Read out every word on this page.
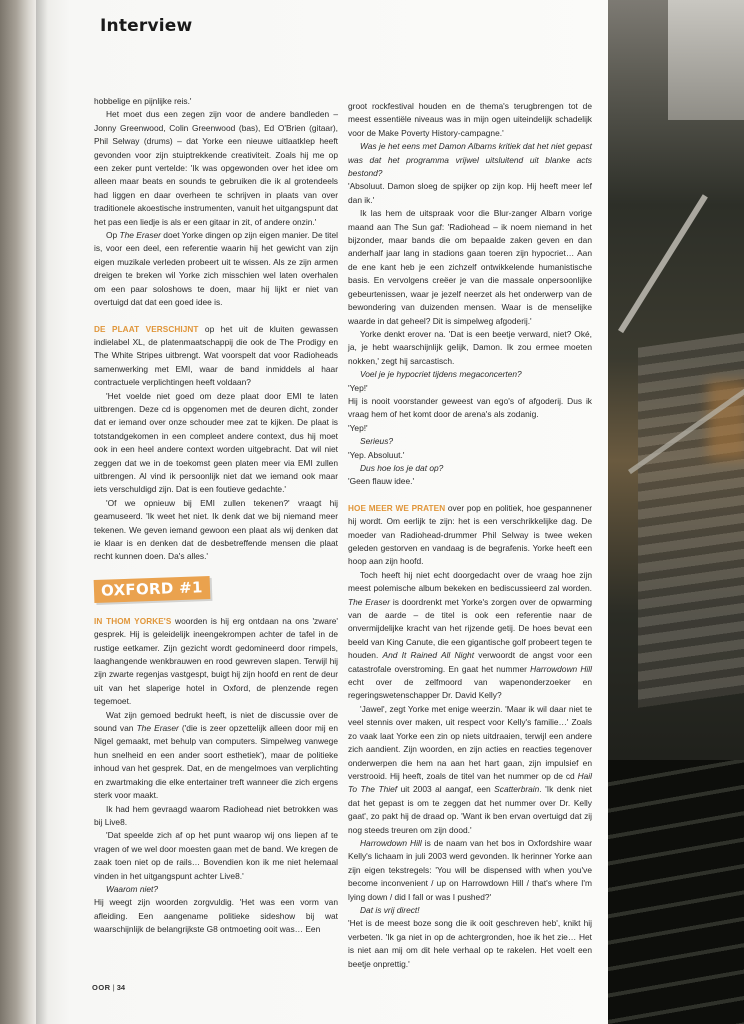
Interview

hobbelige en pijnlijke reis.'

Het moet dus een zegen zijn voor de andere bandleden – Jonny Greenwood, Colin Greenwood (bas), Ed O'Brien (gitaar), Phil Selway (drums) – dat Yorke een nieuwe uitlaatklep heeft gevonden voor zijn stuiptrekkende creativiteit. Zoals hij me op een zeker punt vertelde: 'Ik was opgewonden over het idee om alleen maar beats en sounds te gebruiken die ik al grotendeels had liggen en daar overheen te schrijven in plaats van over traditionele akoestische instrumenten, vanuit het uitgangspunt dat het pas een liedje is als er een gitaar in zit, of andere onzin.'

Op The Eraser doet Yorke dingen op zijn eigen manier. De titel is, voor een deel, een referentie waarin hij het gewicht van zijn eigen muzikale verleden probeert uit te wissen. Als ze zijn armen dreigen te breken wil Yorke zich misschien wel laten overhalen om een paar soloshows te doen, maar hij lijkt er niet van overtuigd dat dat een goed idee is.

DE PLAAT VERSCHIJNT op het uit de kluiten gewassen indielabel XL, de platenmaatschappij die ook de The Prodigy en The White Stripes uitbrengt. Wat voorspelt dat voor Radioheads samenwerking met EMI, waar de band inmiddels al haar contractuele verplichtingen heeft voldaan?

'Het voelde niet goed om deze plaat door EMI te laten uitbrengen. Deze cd is opgenomen met de deuren dicht, zonder dat er iemand over onze schouder mee zat te kijken. De plaat is totstandgekomen in een compleet andere context, dus hij moet ook in een heel andere context worden uitgebracht. Dat wil niet zeggen dat we in de toekomst geen platen meer via EMI zullen uitbrengen. Al vind ik persoonlijk niet dat we iemand ook maar iets verschuldigd zijn. Dat is een foutieve gedachte.'

'Of we opnieuw bij EMI zullen tekenen?' vraagt hij geamuseerd. 'Ik weet het niet. Ik denk dat we bij niemand meer tekenen. We geven iemand gewoon een plaat als wij denken dat ie klaar is en denken dat de desbetreffende mensen die plaat recht kunnen doen. Da's alles.'

OXFORD #1

IN THOM YORKE'S woorden is hij erg ontdaan na ons 'zware' gesprek. Hij is geleidelijk ineengekrompen achter de tafel in de rustige eetkamer. Zijn gezicht wordt gedomineerd door rimpels, laaghangende wenkbrauwen en rood gewreven slapen. Terwijl hij zijn zwarte regenjas vastgespt, buigt hij zijn hoofd en rent de deur uit van het slaperige hotel in Oxford, de plenzende regen tegemoet.

Wat zijn gemoed bedrukt heeft, is niet de discussie over de sound van The Eraser ('die is zeer opzettelijk alleen door mij en Nigel gemaakt, met behulp van computers. Simpelweg vanwege hun snelheid en een ander soort esthetiek'), maar de politieke inhoud van het gesprek. Dat, en de mengelmoes van verplichting en zwartmaking die elke entertainer treft wanneer die zich ergens sterk voor maakt.

Ik had hem gevraagd waarom Radiohead niet betrokken was bij Live8.

'Dat speelde zich af op het punt waarop wij ons liepen af te vragen of we wel door moesten gaan met de band. We kregen de zaak toen niet op de rails… Bovendien kon ik me niet helemaal vinden in het uitgangspunt achter Live8.'

Waarom niet?

Hij weegt zijn woorden zorgvuldig. 'Het was een vorm van afleiding. Een aangename politieke sideshow bij wat waarschijnlijk de belangrijkste G8 ontmoeting ooit was… Een

groot rockfestival houden en de thema's terugbrengen tot de meest essentiële niveaus was in mijn ogen uiteindelijk schadelijk voor de Make Poverty History-campagne.'

Was je het eens met Damon Albarns kritiek dat het niet gepast was dat het programma vrijwel uitsluitend uit blanke acts bestond?

'Absoluut. Damon sloeg de spijker op zijn kop. Hij heeft meer lef dan ik.'

Ik las hem de uitspraak voor die Blur-zanger Albarn vorige maand aan The Sun gaf: 'Radiohead – ik noem niemand in het bijzonder, maar bands die om bepaalde zaken geven en dan anderhalf jaar lang in stadions gaan toeren zijn hypocriet… Aan de ene kant heb je een zichzelf ontwikkelende humanistische basis. En vervolgens creëer je van die massale onpersoonlijke gebeurtenissen, waar je jezelf neerzet als het onderwerp van de bewondering van duizenden mensen. Waar is de menselijke waarde in dat geheel? Dit is simpelweg afgoderij.'

Yorke denkt erover na. 'Dat is een beetje verward, niet? Oké, ja, je hebt waarschijnlijk gelijk, Damon. Ik zou ermee moeten nokken,' zegt hij sarcastisch.

Voel je je hypocriet tijdens megaconcerten?

'Yep!'

Hij is nooit voorstander geweest van ego's of afgoderij. Dus ik vraag hem of het komt door de arena's als zodanig.

'Yep!'

Serieus?

'Yep. Absoluut.'

Dus hoe los je dat op?

'Geen flauw idee.'

HOE MEER WE PRATEN over pop en politiek, hoe gespannener hij wordt. Om eerlijk te zijn: het is een verschrikkelijke dag. De moeder van Radiohead-drummer Phil Selway is twee weken geleden gestorven en vandaag is de begrafenis. Yorke heeft een hoop aan zijn hoofd.

Toch heeft hij niet echt doorgedacht over de vraag hoe zijn meest polemische album bekeken en bediscussieerd zal worden. The Eraser is doordrenkt met Yorke's zorgen over de opwarming van de aarde – de titel is ook een referentie naar de onvermijdelijke kracht van het rijzende getij. De hoes bevat een beeld van King Canute, die een gigantische golf probeert tegen te houden. And It Rained All Night verwoordt de angst voor een catastrofale overstroming. En gaat het nummer Harrowdown Hill echt over de zelfmoord van wapenonderzoeker en regeringswetenschapper Dr. David Kelly?

'Jawel', zegt Yorke met enige weerzin. 'Maar ik wil daar niet te veel stennis over maken, uit respect voor Kelly's familie…' Zoals zo vaak laat Yorke een zin op niets uitdraaien, terwijl een andere zich aandient. Zijn woorden, en zijn acties en reacties tegenover onderwerpen die hem na aan het hart gaan, zijn impulsief en verstrooid. Hij heeft, zoals de titel van het nummer op de cd Hail To The Thief uit 2003 al aangaf, een Scatterbrain. 'Ik denk niet dat het gepast is om te zeggen dat het nummer over Dr. Kelly gaat', zo pakt hij de draad op. 'Want ik ben ervan overtuigd dat zij nog steeds treuren om zijn dood.'

Harrowdown Hill is de naam van het bos in Oxfordshire waar Kelly's lichaam in juli 2003 werd gevonden. Ik herinner Yorke aan zijn eigen tekstregels: 'You will be dispensed with when you've become inconvenient / up on Harrowdown Hill / that's where I'm lying down / did I fall or was I pushed?'

Dat is vrij direct!

'Het is de meest boze song die ik ooit geschreven heb', knikt hij verbeten. 'Ik ga niet in op de achtergronden, hoe ik het zie… Het is niet aan mij om dit hele verhaal op te rakelen. Het voelt een beetje onprettig.'

OOR | 34
